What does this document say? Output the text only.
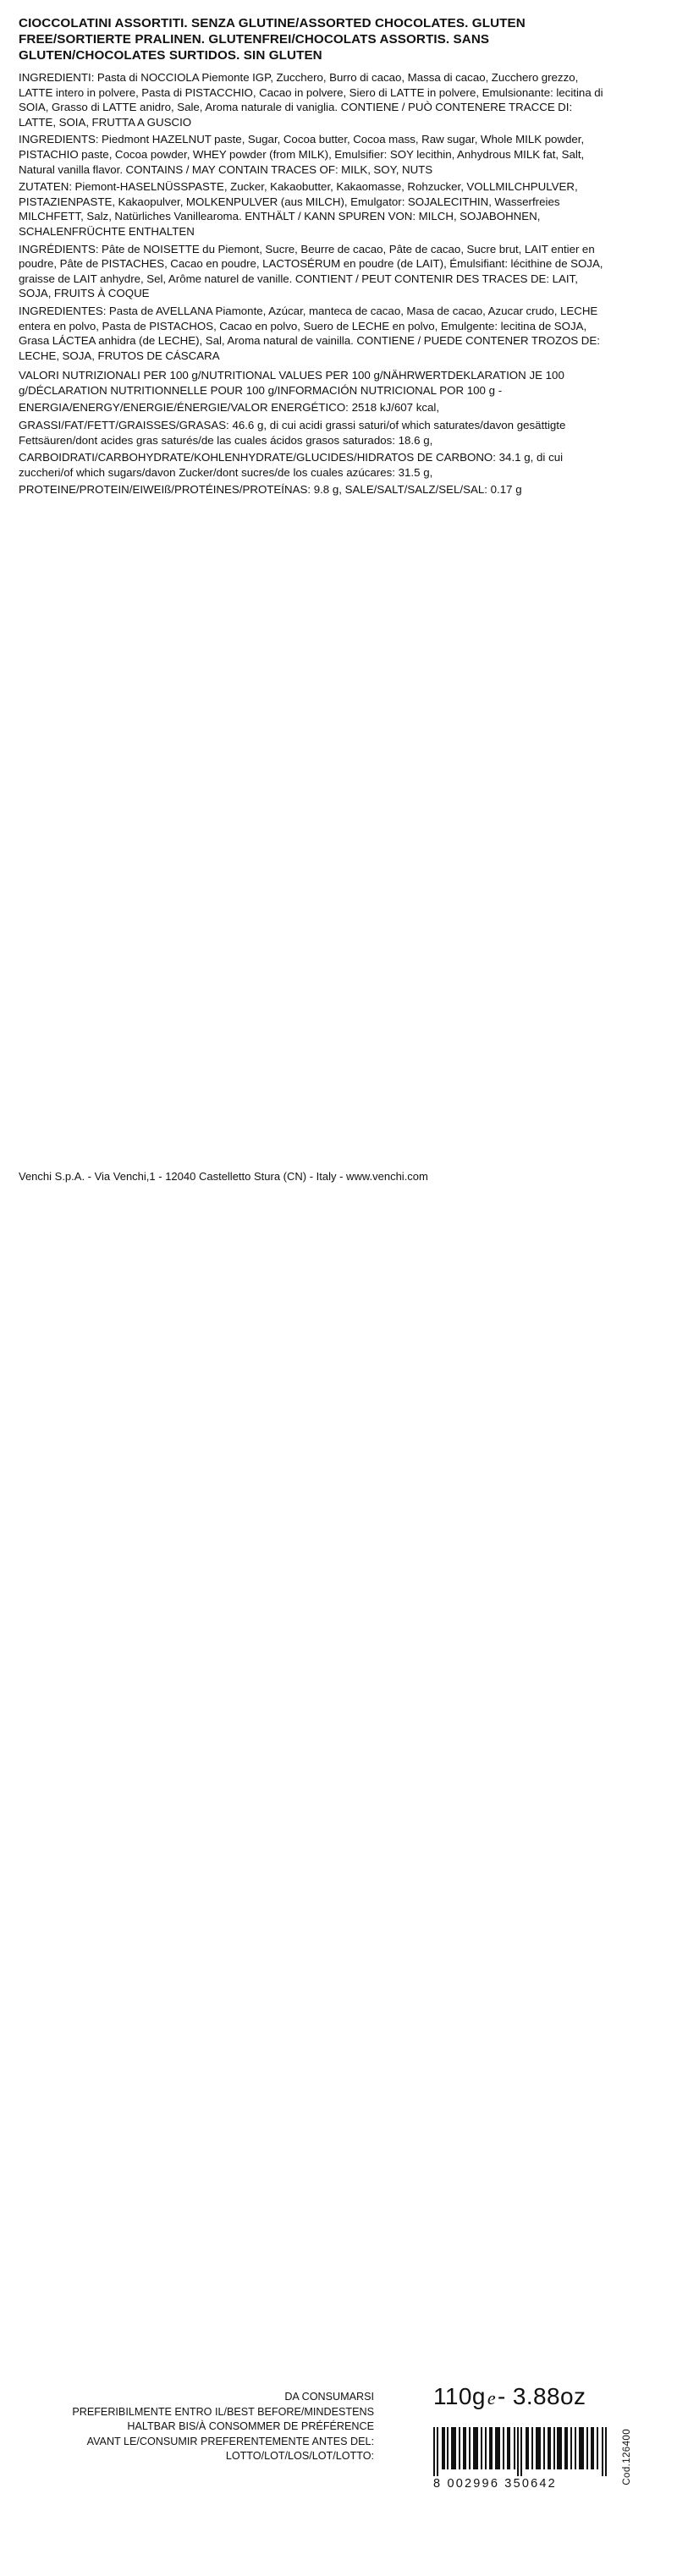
CIOCCOLATINI ASSORTITI. SENZA GLUTINE/ASSORTED CHOCOLATES. GLUTEN FREE/SORTIERTE PRALINEN. GLUTENFREI/CHOCOLATS ASSORTIS. SANS GLUTEN/CHOCOLATES SURTIDOS. SIN GLUTEN
INGREDIENTI: Pasta di NOCCIOLA Piemonte IGP, Zucchero, Burro di cacao, Massa di cacao, Zucchero grezzo, LATTE intero in polvere, Pasta di PISTACCHIO, Cacao in polvere, Siero di LATTE in polvere, Emulsionante: lecitina di SOIA, Grasso di LATTE anidro, Sale, Aroma naturale di vaniglia. CONTIENE / PUÒ CONTENERE TRACCE DI: LATTE, SOIA, FRUTTA A GUSCIO
INGREDIENTS: Piedmont HAZELNUT paste, Sugar, Cocoa butter, Cocoa mass, Raw sugar, Whole MILK powder, PISTACHIO paste, Cocoa powder, WHEY powder (from MILK), Emulsifier: SOY lecithin, Anhydrous MILK fat, Salt, Natural vanilla flavor. CONTAINS / MAY CONTAIN TRACES OF: MILK, SOY, NUTS
ZUTATEN: Piemont-HASELNÜSSPASTE, Zucker, Kakaobutter, Kakaomasse, Rohzucker, VOLLMILCHPULVER, PISTAZIENPASTE, Kakaopulver, MOLKENPULVER (aus MILCH), Emulgator: SOJALECITHIN, Wasserfreies MILCHFETT, Salz, Natürliches Vanillearoma. ENTHÄLT / KANN SPUREN VON: MILCH, SOJABOHNEN, SCHALENFRÜCHTE ENTHALTEN
INGRÉDIENTS: Pâte de NOISETTE du Piemont, Sucre, Beurre de cacao, Pâte de cacao, Sucre brut, LAIT entier en poudre, Pâte de PISTACHES, Cacao en poudre, LACTOSÉRUM en poudre (de LAIT), Émulsifiant: lécithine de SOJA, graisse de LAIT anhydre, Sel, Arôme naturel de vanille. CONTIENT / PEUT CONTENIR DES TRACES DE: LAIT, SOJA, FRUITS À COQUE
INGREDIENTES: Pasta de AVELLANA Piamonte, Azúcar, manteca de cacao, Masa de cacao, Azucar crudo, LECHE entera en polvo, Pasta de PISTACHOS, Cacao en polvo, Suero de LECHE en polvo, Emulgente: lecitina de SOJA, Grasa LÁCTEA anhidra (de LECHE), Sal, Aroma natural de vainilla. CONTIENE / PUEDE CONTENER TROZOS DE: LECHE, SOJA, FRUTOS DE CÁSCARA
VALORI NUTRIZIONALI PER 100 g/NUTRITIONAL VALUES PER 100 g/NÄHRWERTDEKLARATION JE 100 g/DÉCLARATION NUTRITIONNELLE POUR 100 g/INFORMACIÓN NUTRICIONAL POR 100 g -
ENERGIA/ENERGY/ENERGIE/ÉNERGIE/VALOR ENERGÉTICO: 2518 kJ/607 kcal,
GRASSI/FAT/FETT/GRAISSES/GRASAS: 46.6 g, di cui acidi grassi saturi/of which saturates/davon gesättigte Fettsäuren/dont acides gras saturés/de las cuales ácidos grasos saturados: 18.6 g,
CARBOIDRATI/CARBOHYDRATE/KOHLENHYDRATE/GLUCIDES/HIDRATOS DE CARBONO: 34.1 g, di cui zuccheri/of which sugars/davon Zucker/dont sucres/de los cuales azúcares: 31.5 g,
PROTEINE/PROTEIN/EIWEIß/PROTÉINES/PROTEÍNAS: 9.8 g, SALE/SALT/SALZ/SEL/SAL: 0.17 g
Venchi S.p.A. - Via Venchi,1 - 12040 Castelletto Stura (CN) - Italy - www.venchi.com
DA CONSUMARSI
PREFERIBILMENTE ENTRO IL/BEST BEFORE/MINDESTENS
HALTBAR BIS/À CONSOMMER DE PRÉFÉRENCE
AVANT LE/CONSUMIR PREFERENTEMENTE ANTES DEL:
LOTTO/LOT/LOS/LOT/LOTTO:
110ge- 3.88oz
8 002996 350642	Cod.126400
